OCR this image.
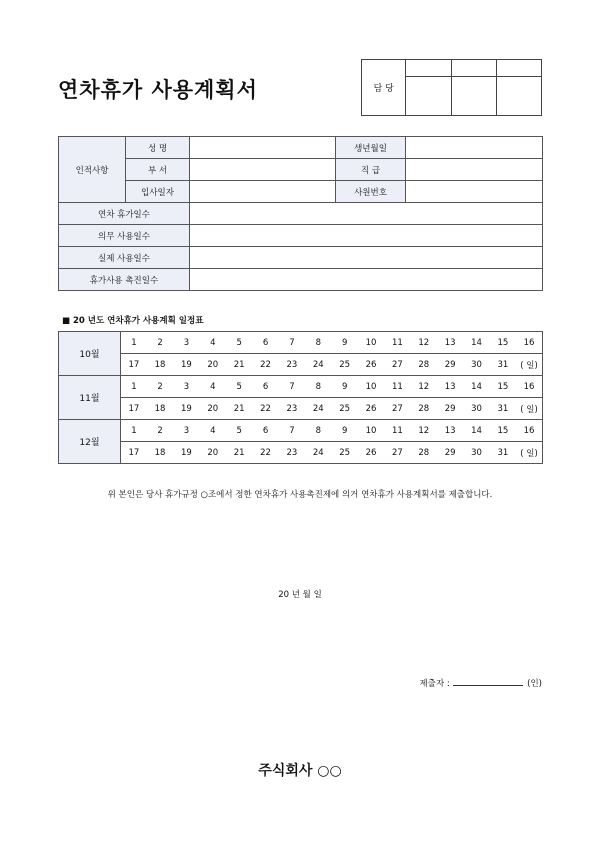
연차휴가 사용계획서	담 당			

인적사항	성 명		생년월일	
	부 서		직 급	
	입사일자		사원번호	
연차 휴가일수				
의무 사용일수				
실제 사용일수				
휴가사용 촉진일수				
■ 20 년도 연차휴가 사용계획 일정표
10월	1	2	3	4	5	6	7	8	9	10	11	12	13	14	15	16
	17	18	19	20	21	22	23	24	25	26	27	28	29	30	31	( 일)
11월	1	2	3	4	5	6	7	8	9	10	11	12	13	14	15	16
	17	18	19	20	21	22	23	24	25	26	27	28	29	30	31	( 일)
12월	1	2	3	4	5	6	7	8	9	10	11	12	13	14	15	16
	17	18	19	20	21	22	23	24	25	26	27	28	29	30	31	( 일)
위 본인은 당사 휴가규정 ○조에서 정한 연차휴가 사용촉진제에 의거 연차휴가 사용계획서를 제출합니다.
20 년 월 일
제출자 :	(인)
주식회사 ○○
